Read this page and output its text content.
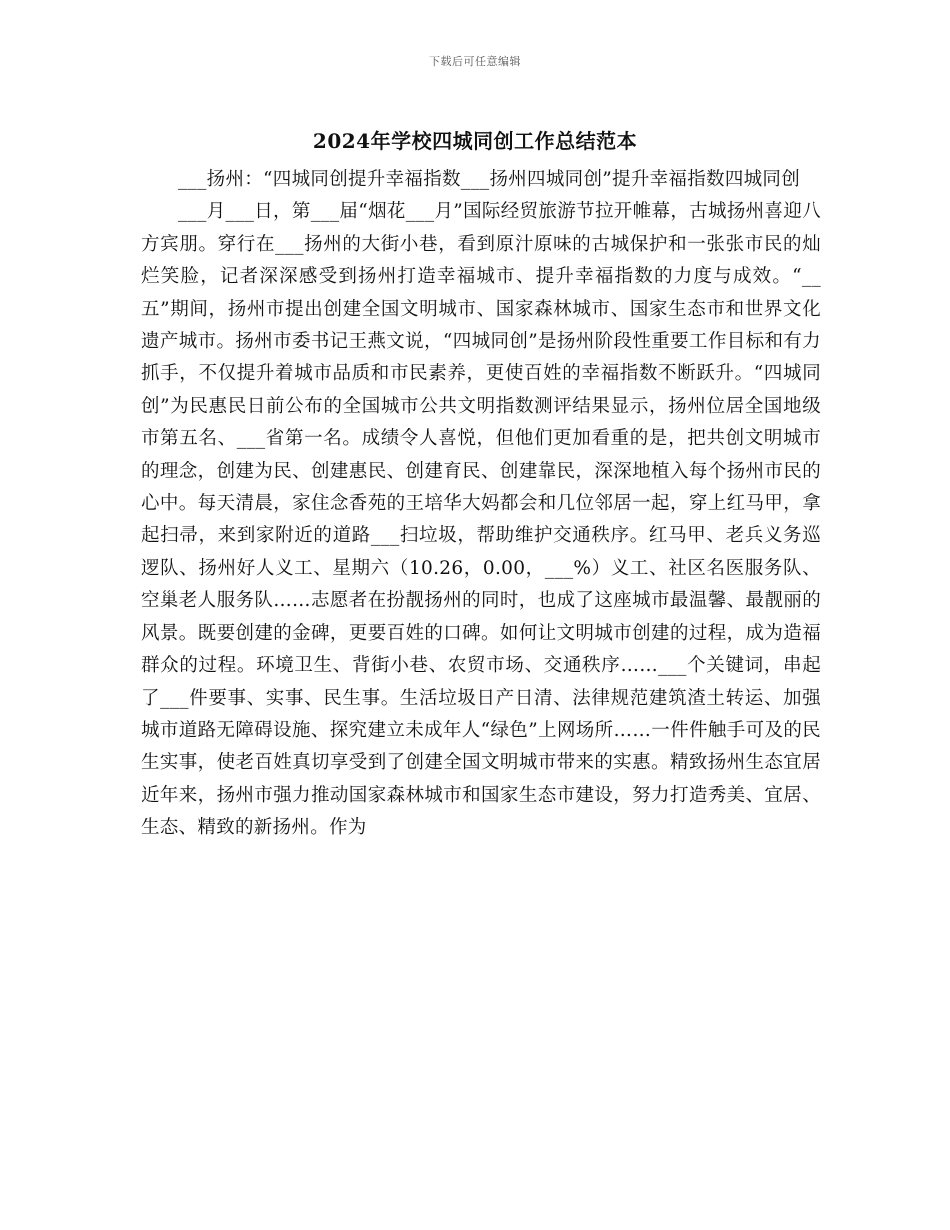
下载后可任意编辑
2024年学校四城同创工作总结范本

___扬州：“四城同创提升幸福指数___扬州四城同创”提升幸福指数四城同创

___月___日，第___届“烟花___月”国际经贸旅游节拉开帷幕，古城扬州喜迎八方宾朋。穿行在___扬州的大街小巷，看到原汁原味的古城保护和一张张市民的灿烂笑脸，记者深深感受到扬州打造幸福城市、提升幸福指数的力度与成效。“__五”期间，扬州市提出创建全国文明城市、国家森林城市、国家生态市和世界文化遗产城市。扬州市委书记王燕文说，“四城同创”是扬州阶段性重要工作目标和有力抓手，不仅提升着城市品质和市民素养，更使百姓的幸福指数不断跃升。“四城同创”为民惠民日前公布的全国城市公共文明指数测评结果显示，扬州位居全国地级市第五名、___省第一名。成绩令人喜悦，但他们更加看重的是，把共创文明城市的理念，创建为民、创建惠民、创建育民、创建靠民，深深地植入每个扬州市民的心中。每天清晨，家住念香苑的王培华大妈都会和几位邻居一起，穿上红马甲，拿起扫帚，来到家附近的道路___扫垃圾，帮助维护交通秩序。红马甲、老兵义务巡逻队、扬州好人义工、星期六（10.26，0.00，___%）义工、社区名医服务队、空巢老人服务队……志愿者在扮靓扬州的同时，也成了这座城市最温馨、最靓丽的风景。既要创建的金碑，更要百姓的口碑。如何让文明城市创建的过程，成为造福群众的过程。环境卫生、背街小巷、农贸市场、交通秩序……___个关键词，串起了___件要事、实事、民生事。生活垃圾日产日清、法律规范建筑渣土转运、加强城市道路无障碍设施、探究建立未成年人“绿色”上网场所……一件件触手可及的民生实事，使老百姓真切享受到了创建全国文明城市带来的实惠。精致扬州生态宜居近年来，扬州市强力推动国家森林城市和国家生态市建设，努力打造秀美、宜居、生态、精致的新扬州。作为
